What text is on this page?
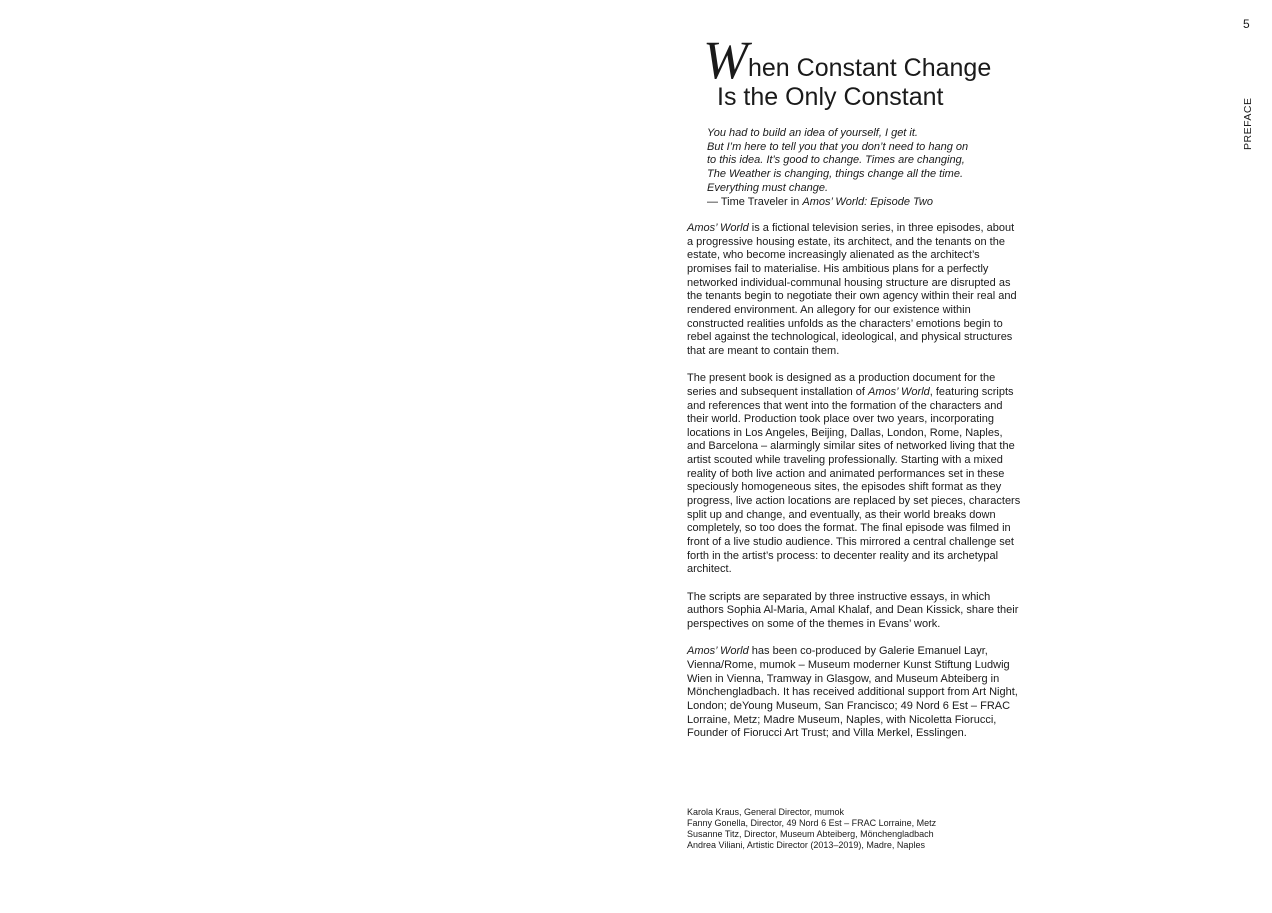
5
PREFACE
W hen Constant Change
Is the Only Constant
You had to build an idea of yourself, I get it.
But I’m here to tell you that you don’t need to hang on
to this idea. It’s good to change. Times are changing,
The Weather is changing, things change all the time.
Everything must change.
— Time Traveler in Amos’ World: Episode Two

Amos’ World is a fictional television series, in three episodes, about a progressive housing estate, its architect, and the tenants on the estate, who become increasingly alienated as the architect’s promises fail to materialise. His ambitious plans for a perfectly networked individual-communal housing structure are disrupted as the tenants begin to negotiate their own agency within their real and rendered environment. An allegory for our existence within constructed realities unfolds as the characters’ emotions begin to rebel against the technological, ideological, and physical structures that are meant to contain them.

The present book is designed as a production document for the series and subsequent installation of Amos’ World, featuring scripts and references that went into the formation of the characters and their world. Production took place over two years, incorporating locations in Los Angeles, Beijing, Dallas, London, Rome, Naples, and Barcelona – alarmingly similar sites of networked living that the artist scouted while traveling professionally. Starting with a mixed reality of both live action and animated performances set in these speciously homogeneous sites, the episodes shift format as they progress, live action locations are replaced by set pieces, characters split up and change, and eventually, as their world breaks down completely, so too does the format. The final episode was filmed in front of a live studio audience. This mirrored a central challenge set forth in the artist’s process: to decenter reality and its archetypal architect.

The scripts are separated by three instructive essays, in which authors Sophia Al-Maria, Amal Khalaf, and Dean Kissick, share their perspectives on some of the themes in Evans’ work.

Amos’ World has been co-produced by Galerie Emanuel Layr, Vienna/Rome, mumok – Museum moderner Kunst Stiftung Ludwig Wien in Vienna, Tramway in Glasgow, and Museum Abteiberg in Mönchengladbach. It has received additional support from Art Night, London; deYoung Museum, San Francisco; 49 Nord 6 Est – FRAC Lorraine, Metz; Madre Museum, Naples, with Nicoletta Fiorucci, Founder of Fiorucci Art Trust; and Villa Merkel, Esslingen.

Karola Kraus, General Director, mumok
Fanny Gonella, Director, 49 Nord 6 Est – FRAC Lorraine, Metz
Susanne Titz, Director, Museum Abteiberg, Mönchengladbach
Andrea Viliani, Artistic Director (2013–2019), Madre, Naples
